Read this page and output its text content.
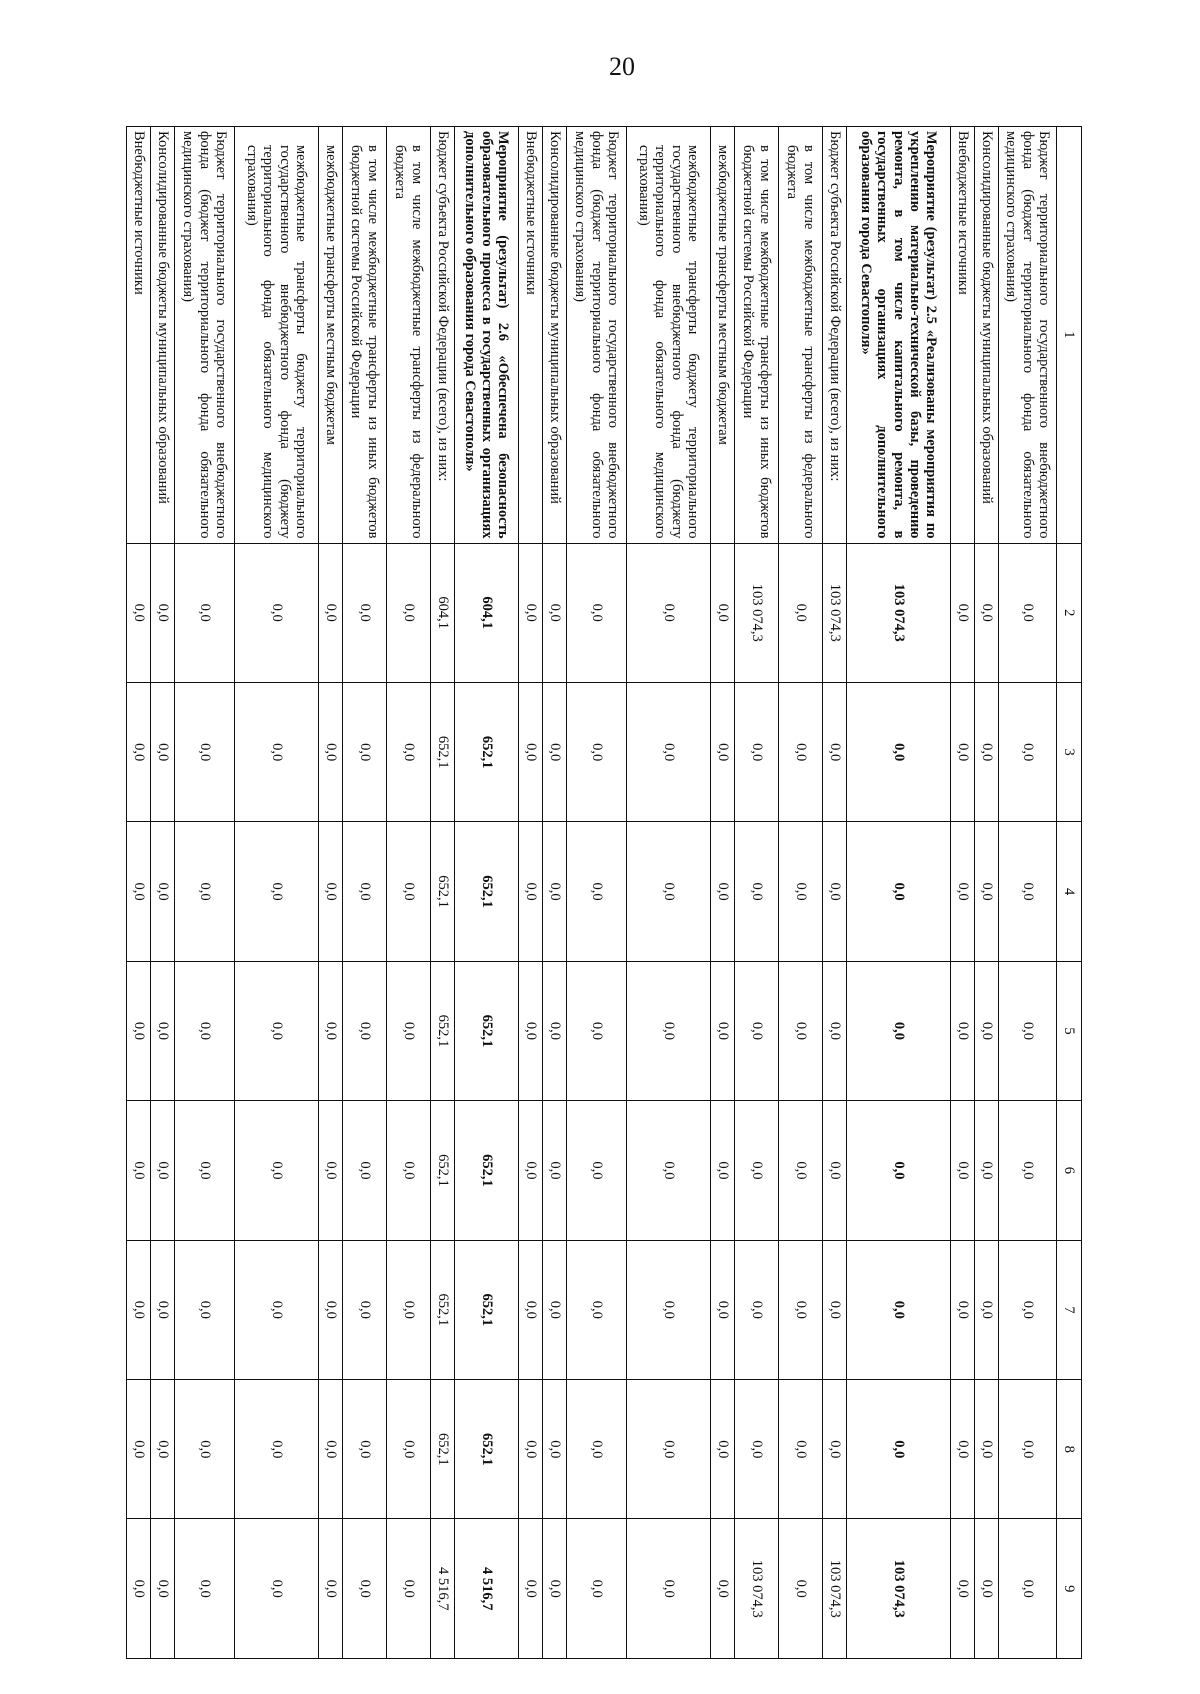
20
1	2	3	4	5	6	7	8	9
Бюджет территориального государственного внебюджетного фонда (бюджет территориального фонда обязательного медицинского страхования)	0,0	0,0	0,0	0,0	0,0	0,0	0,0	0,0
Консолидированные бюджеты муниципальных образований	0,0	0,0	0,0	0,0	0,0	0,0	0,0	0,0
Внебюджетные источники	0,0	0,0	0,0	0,0	0,0	0,0	0,0	0,0
Мероприятие (результат) 2.5 «Реализованы мероприятия по укреплению материально-технической базы, проведению ремонта, в том числе капитального ремонта, в государственных организациях дополнительного образования города Севастополя»	103 074,3	0,0	0,0	0,0	0,0	0,0	0,0	103 074,3
Бюджет субъекта Российской Федерации (всего), из них:	103 074,3	0,0	0,0	0,0	0,0	0,0	0,0	103 074,3
в том числе межбюджетные трансферты из федерального бюджета	0,0	0,0	0,0	0,0	0,0	0,0	0,0	0,0
в том числе межбюджетные трансферты из иных бюджетов бюджетной системы Российской Федерации	103 074,3	0,0	0,0	0,0	0,0	0,0	0,0	103 074,3
межбюджетные трансферты местным бюджетам	0,0	0,0	0,0	0,0	0,0	0,0	0,0	0,0
межбюджетные трансферты бюджету территориального государственного внебюджетного фонда (бюджету территориального фонда обязательного медицинского страхования)	0,0	0,0	0,0	0,0	0,0	0,0	0,0	0,0
Бюджет территориального государственного внебюджетного фонда (бюджет территориального фонда обязательного медицинского страхования)	0,0	0,0	0,0	0,0	0,0	0,0	0,0	0,0
Консолидированные бюджеты муниципальных образований	0,0	0,0	0,0	0,0	0,0	0,0	0,0	0,0
Внебюджетные источники	0,0	0,0	0,0	0,0	0,0	0,0	0,0	0,0
Мероприятие (результат) 2.6 «Обеспечена безопасность образовательного процесса в государственных организациях дополнительного образования города Севастополя»	604,1	652,1	652,1	652,1	652,1	652,1	652,1	4 516,7
Бюджет субъекта Российской Федерации (всего), из них:	604,1	652,1	652,1	652,1	652,1	652,1	652,1	4 516,7
в том числе межбюджетные трансферты из федерального бюджета	0,0	0,0	0,0	0,0	0,0	0,0	0,0	0,0
в том числе межбюджетные трансферты из иных бюджетов бюджетной системы Российской Федерации	0,0	0,0	0,0	0,0	0,0	0,0	0,0	0,0
межбюджетные трансферты местным бюджетам	0,0	0,0	0,0	0,0	0,0	0,0	0,0	0,0
межбюджетные трансферты бюджету территориального государственного внебюджетного фонда (бюджету территориального фонда обязательного медицинского страхования)	0,0	0,0	0,0	0,0	0,0	0,0	0,0	0,0
Бюджет территориального государственного внебюджетного фонда (бюджет территориального фонда обязательного медицинского страхования)	0,0	0,0	0,0	0,0	0,0	0,0	0,0	0,0
Консолидированные бюджеты муниципальных образований	0,0	0,0	0,0	0,0	0,0	0,0	0,0	0,0
Внебюджетные источники	0,0	0,0	0,0	0,0	0,0	0,0	0,0	0,0
